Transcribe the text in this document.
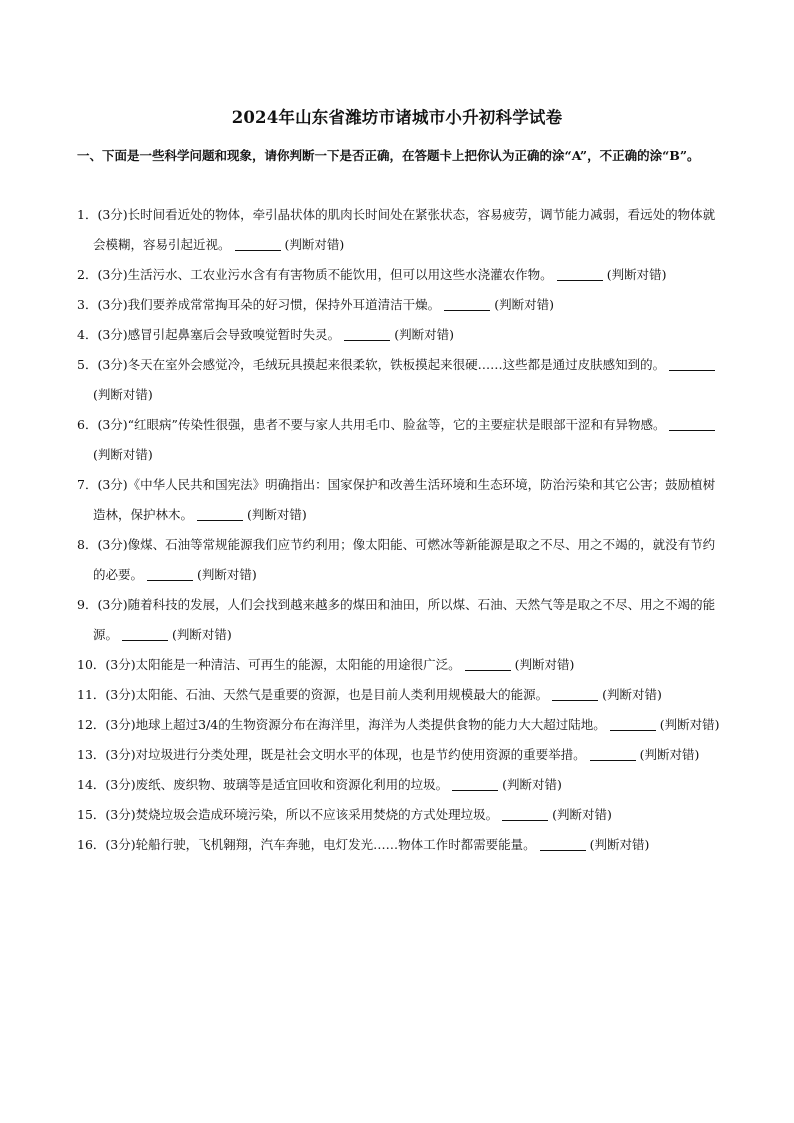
2024年山东省潍坊市诸城市小升初科学试卷
一、下面是一些科学问题和现象，请你判断一下是否正确，在答题卡上把你认为正确的涂“A”，不正确的涂“B”。
1．(3分)长时间看近处的物体，牵引晶状体的肌肉长时间处在紧张状态，容易疲劳，调节能力减弱，看远处的物体就会模糊，容易引起近视。	(判断对错)
2．(3分)生活污水、工农业污水含有有害物质不能饮用，但可以用这些水浇灌农作物。	(判断对错)
3．(3分)我们要养成常常掏耳朵的好习惯，保持外耳道清洁干燥。	(判断对错)
4．(3分)感冒引起鼻塞后会导致嗅觉暂时失灵。	(判断对错)
5．(3分)冬天在室外会感觉冷，毛绒玩具摸起来很柔软，铁板摸起来很硬……这些都是通过皮肤感知到的。(判断对错)
6．(3分)“红眼病”传染性很强，患者不要与家人共用毛巾、脸盆等，它的主要症状是眼部干涩和有异物感。(判断对错)
7．(3分)《中华人民共和国宪法》明确指出：国家保护和改善生活环境和生态环境，防治污染和其它公害；鼓励植树造林，保护林木。	(判断对错)
8．(3分)像煤、石油等常规能源我们应节约利用；像太阳能、可燃冰等新能源是取之不尽、用之不竭的，就没有节约的必要。	(判断对错)
9．(3分)随着科技的发展，人们会找到越来越多的煤田和油田，所以煤、石油、天然气等是取之不尽、用之不竭的能源。	(判断对错)
10．(3分)太阳能是一种清洁、可再生的能源，太阳能的用途很广泛。	(判断对错)
11．(3分)太阳能、石油、天然气是重要的资源，也是目前人类利用规模最大的能源。	(判断对错)
12．(3分)地球上超过3/4的生物资源分布在海洋里，海洋为人类提供食物的能力大大超过陆地。	(判断对错)
13．(3分)对垃圾进行分类处理，既是社会文明水平的体现，也是节约使用资源的重要举措。	(判断对错)
14．(3分)废纸、废织物、玻璃等是适宜回收和资源化利用的垃圾。	(判断对错)
15．(3分)焚烧垃圾会造成环境污染，所以不应该采用焚烧的方式处理垃圾。	(判断对错)
16．(3分)轮船行驶，飞机翱翔，汽车奔驰，电灯发光……物体工作时都需要能量。	(判断对错)
